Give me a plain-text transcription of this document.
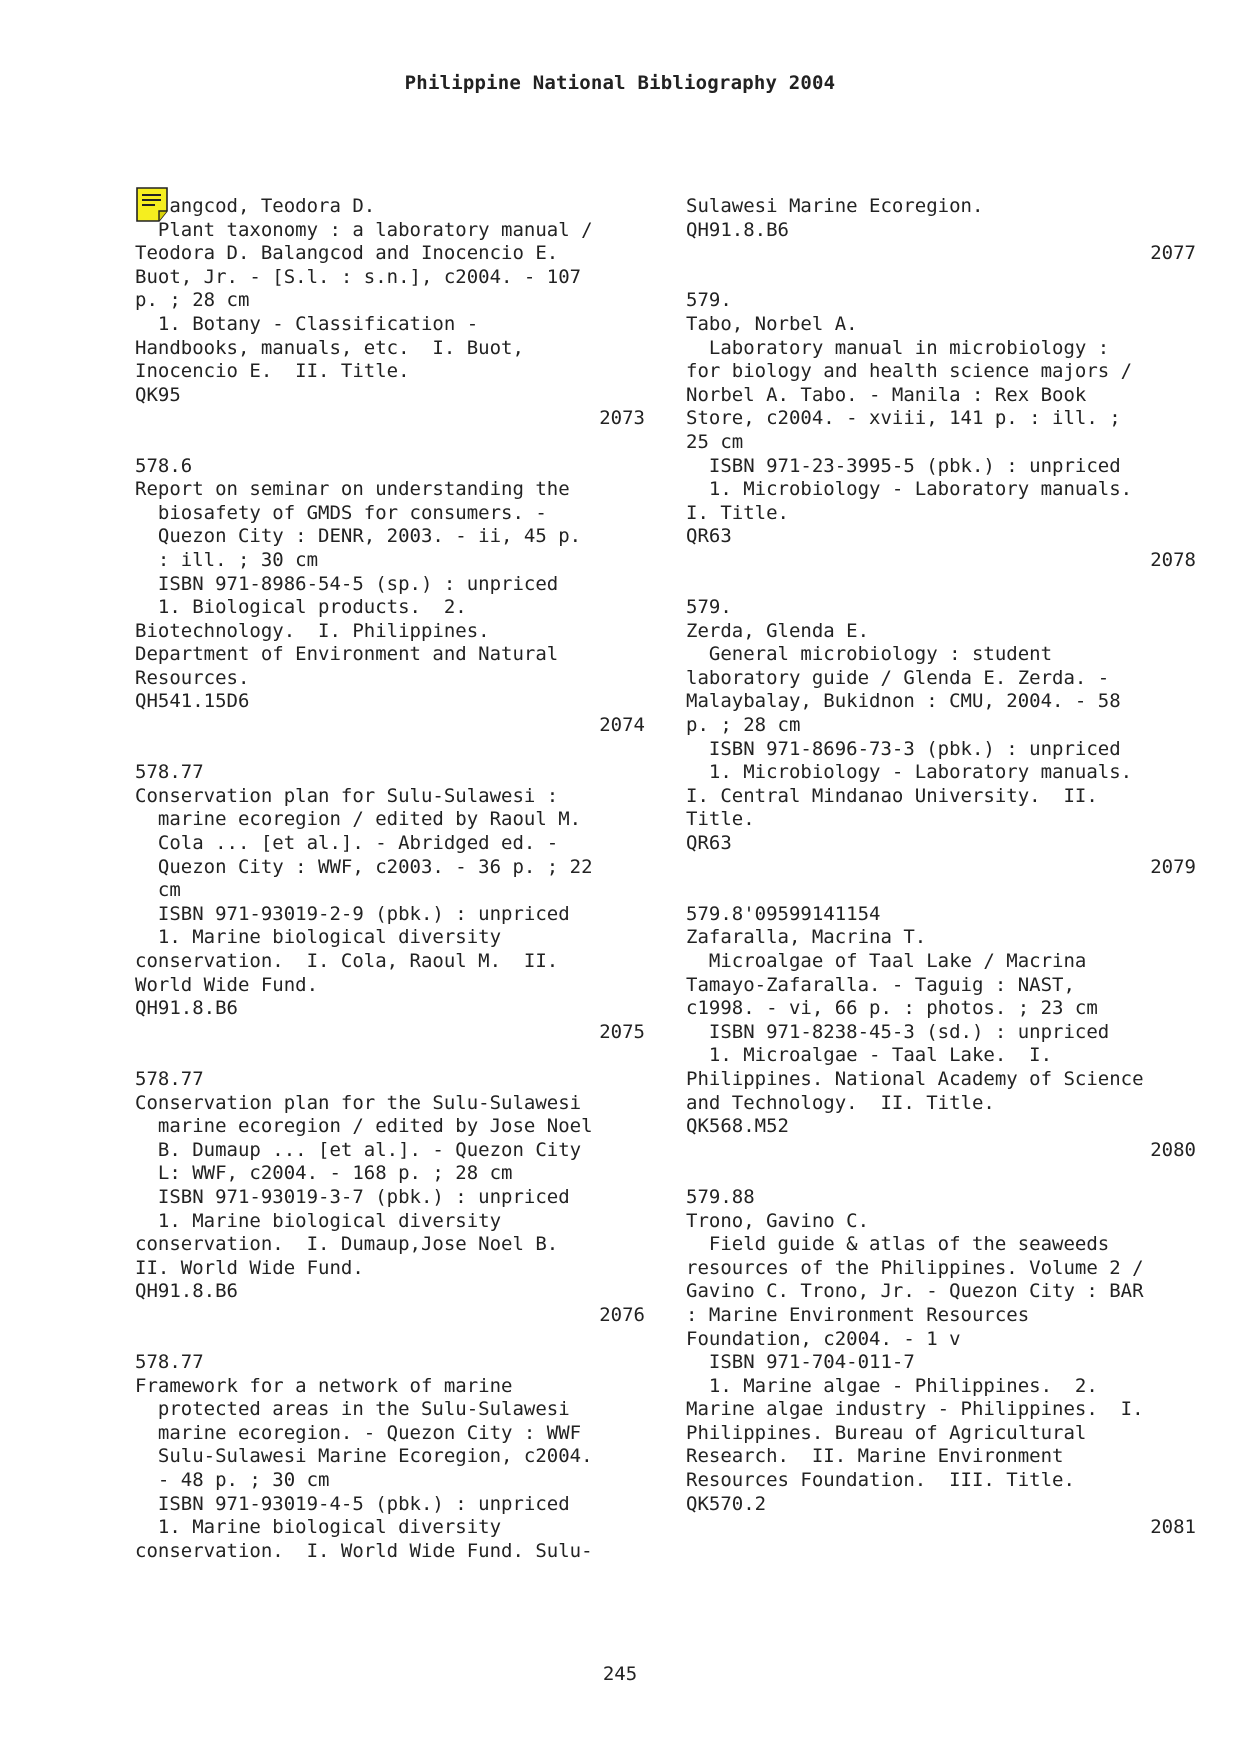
Philippine National Bibliography 2004
angcod, Teodora D.
Plant taxonomy : a laboratory manual /
Teodora D. Balangcod and Inocencio E.
Buot, Jr. - [S.l. : s.n.], c2004. - 107
p. ; 28 cm
1. Botany - Classification -
Handbooks, manuals, etc.  I. Buot,
Inocencio E.  II. Title.
QK95
2073

578.6
Report on seminar on understanding the
biosafety of GMDS for consumers. -
Quezon City : DENR, 2003. - ii, 45 p.
: ill. ; 30 cm
ISBN 971-8986-54-5 (sp.) : unpriced
1. Biological products.  2.
Biotechnology.  I. Philippines.
Department of Environment and Natural
Resources.
QH541.15D6
2074

578.77
Conservation plan for Sulu-Sulawesi :
marine ecoregion / edited by Raoul M.
Cola ... [et al.]. - Abridged ed. -
Quezon City : WWF, c2003. - 36 p. ; 22
cm
ISBN 971-93019-2-9 (pbk.) : unpriced
1. Marine biological diversity
conservation.  I. Cola, Raoul M.  II.
World Wide Fund.
QH91.8.B6
2075

578.77
Conservation plan for the Sulu-Sulawesi
marine ecoregion / edited by Jose Noel
B. Dumaup ... [et al.]. - Quezon City
L: WWF, c2004. - 168 p. ; 28 cm
ISBN 971-93019-3-7 (pbk.) : unpriced
1. Marine biological diversity
conservation.  I. Dumaup,Jose Noel B.
II. World Wide Fund.
QH91.8.B6
2076

578.77
Framework for a network of marine
protected areas in the Sulu-Sulawesi
marine ecoregion. - Quezon City : WWF
Sulu-Sulawesi Marine Ecoregion, c2004.
- 48 p. ; 30 cm
ISBN 971-93019-4-5 (pbk.) : unpriced
1. Marine biological diversity
conservation.  I. World Wide Fund. Sulu-
Sulawesi Marine Ecoregion.
QH91.8.B6
2077

579.
Tabo, Norbel A.
Laboratory manual in microbiology :
for biology and health science majors /
Norbel A. Tabo. - Manila : Rex Book
Store, c2004. - xviii, 141 p. : ill. ;
25 cm
ISBN 971-23-3995-5 (pbk.) : unpriced
1. Microbiology - Laboratory manuals.
I. Title.
QR63
2078

579.
Zerda, Glenda E.
General microbiology : student
laboratory guide / Glenda E. Zerda. -
Malaybalay, Bukidnon : CMU, 2004. - 58
p. ; 28 cm
ISBN 971-8696-73-3 (pbk.) : unpriced
1. Microbiology - Laboratory manuals.
I. Central Mindanao University.  II.
Title.
QR63
2079

579.8'09599141154
Zafaralla, Macrina T.
Microalgae of Taal Lake / Macrina
Tamayo-Zafaralla. - Taguig : NAST,
c1998. - vi, 66 p. : photos. ; 23 cm
ISBN 971-8238-45-3 (sd.) : unpriced
1. Microalgae - Taal Lake.  I.
Philippines. National Academy of Science
and Technology.  II. Title.
QK568.M52
2080

579.88
Trono, Gavino C.
Field guide & atlas of the seaweeds
resources of the Philippines. Volume 2 /
Gavino C. Trono, Jr. - Quezon City : BAR
: Marine Environment Resources
Foundation, c2004. - 1 v
ISBN 971-704-011-7
1. Marine algae - Philippines.  2.
Marine algae industry - Philippines.  I.
Philippines. Bureau of Agricultural
Research.  II. Marine Environment
Resources Foundation.  III. Title.
QK570.2
2081
245
